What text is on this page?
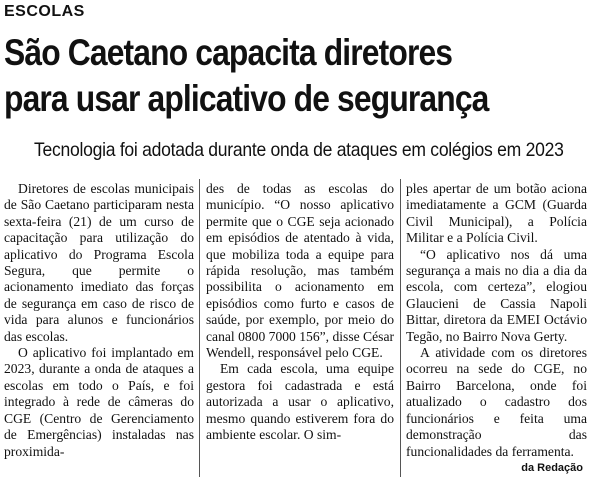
ESCOLAS
São Caetano capacita diretores
para usar aplicativo de segurança
Tecnologia foi adotada durante onda de ataques em colégios em 2023

Diretores de escolas municipais de São Caetano participaram nesta sexta-feira (21) de um curso de capacitação para utilização do aplicativo do Programa Escola Segura, que permite o acionamento imediato das forças de segurança em caso de risco de vida para alunos e funcionários das escolas.

O aplicativo foi implantado em 2023, durante a onda de ataques a escolas em todo o País, e foi integrado à rede de câmeras do CGE (Centro de Gerenciamento de Emergências) instaladas nas proximida-

des de todas as escolas do município. “O nosso aplicativo permite que o CGE seja acionado em episódios de atentado à vida, que mobiliza toda a equipe para rápida resolução, mas também possibilita o acionamento em episódios como furto e casos de saúde, por exemplo, por meio do canal 0800 7000 156”, disse César Wendell, responsável pelo CGE.

Em cada escola, uma equipe gestora foi cadastrada e está autorizada a usar o aplicativo, mesmo quando estiverem fora do ambiente escolar. O sim-

ples apertar de um botão aciona imediatamente a GCM (Guarda Civil Municipal), a Polícia Militar e a Polícia Civil.

“O aplicativo nos dá uma segurança a mais no dia a dia da escola, com certeza”, elogiou Glaucieni de Cassia Napoli Bittar, diretora da EMEI Octávio Tegão, no Bairro Nova Gerty.

A atividade com os diretores ocorreu na sede do CGE, no Bairro Barcelona, onde foi atualizado o cadastro dos funcionários e feita uma demonstração das funcionalidades da ferramenta.

da Redação
